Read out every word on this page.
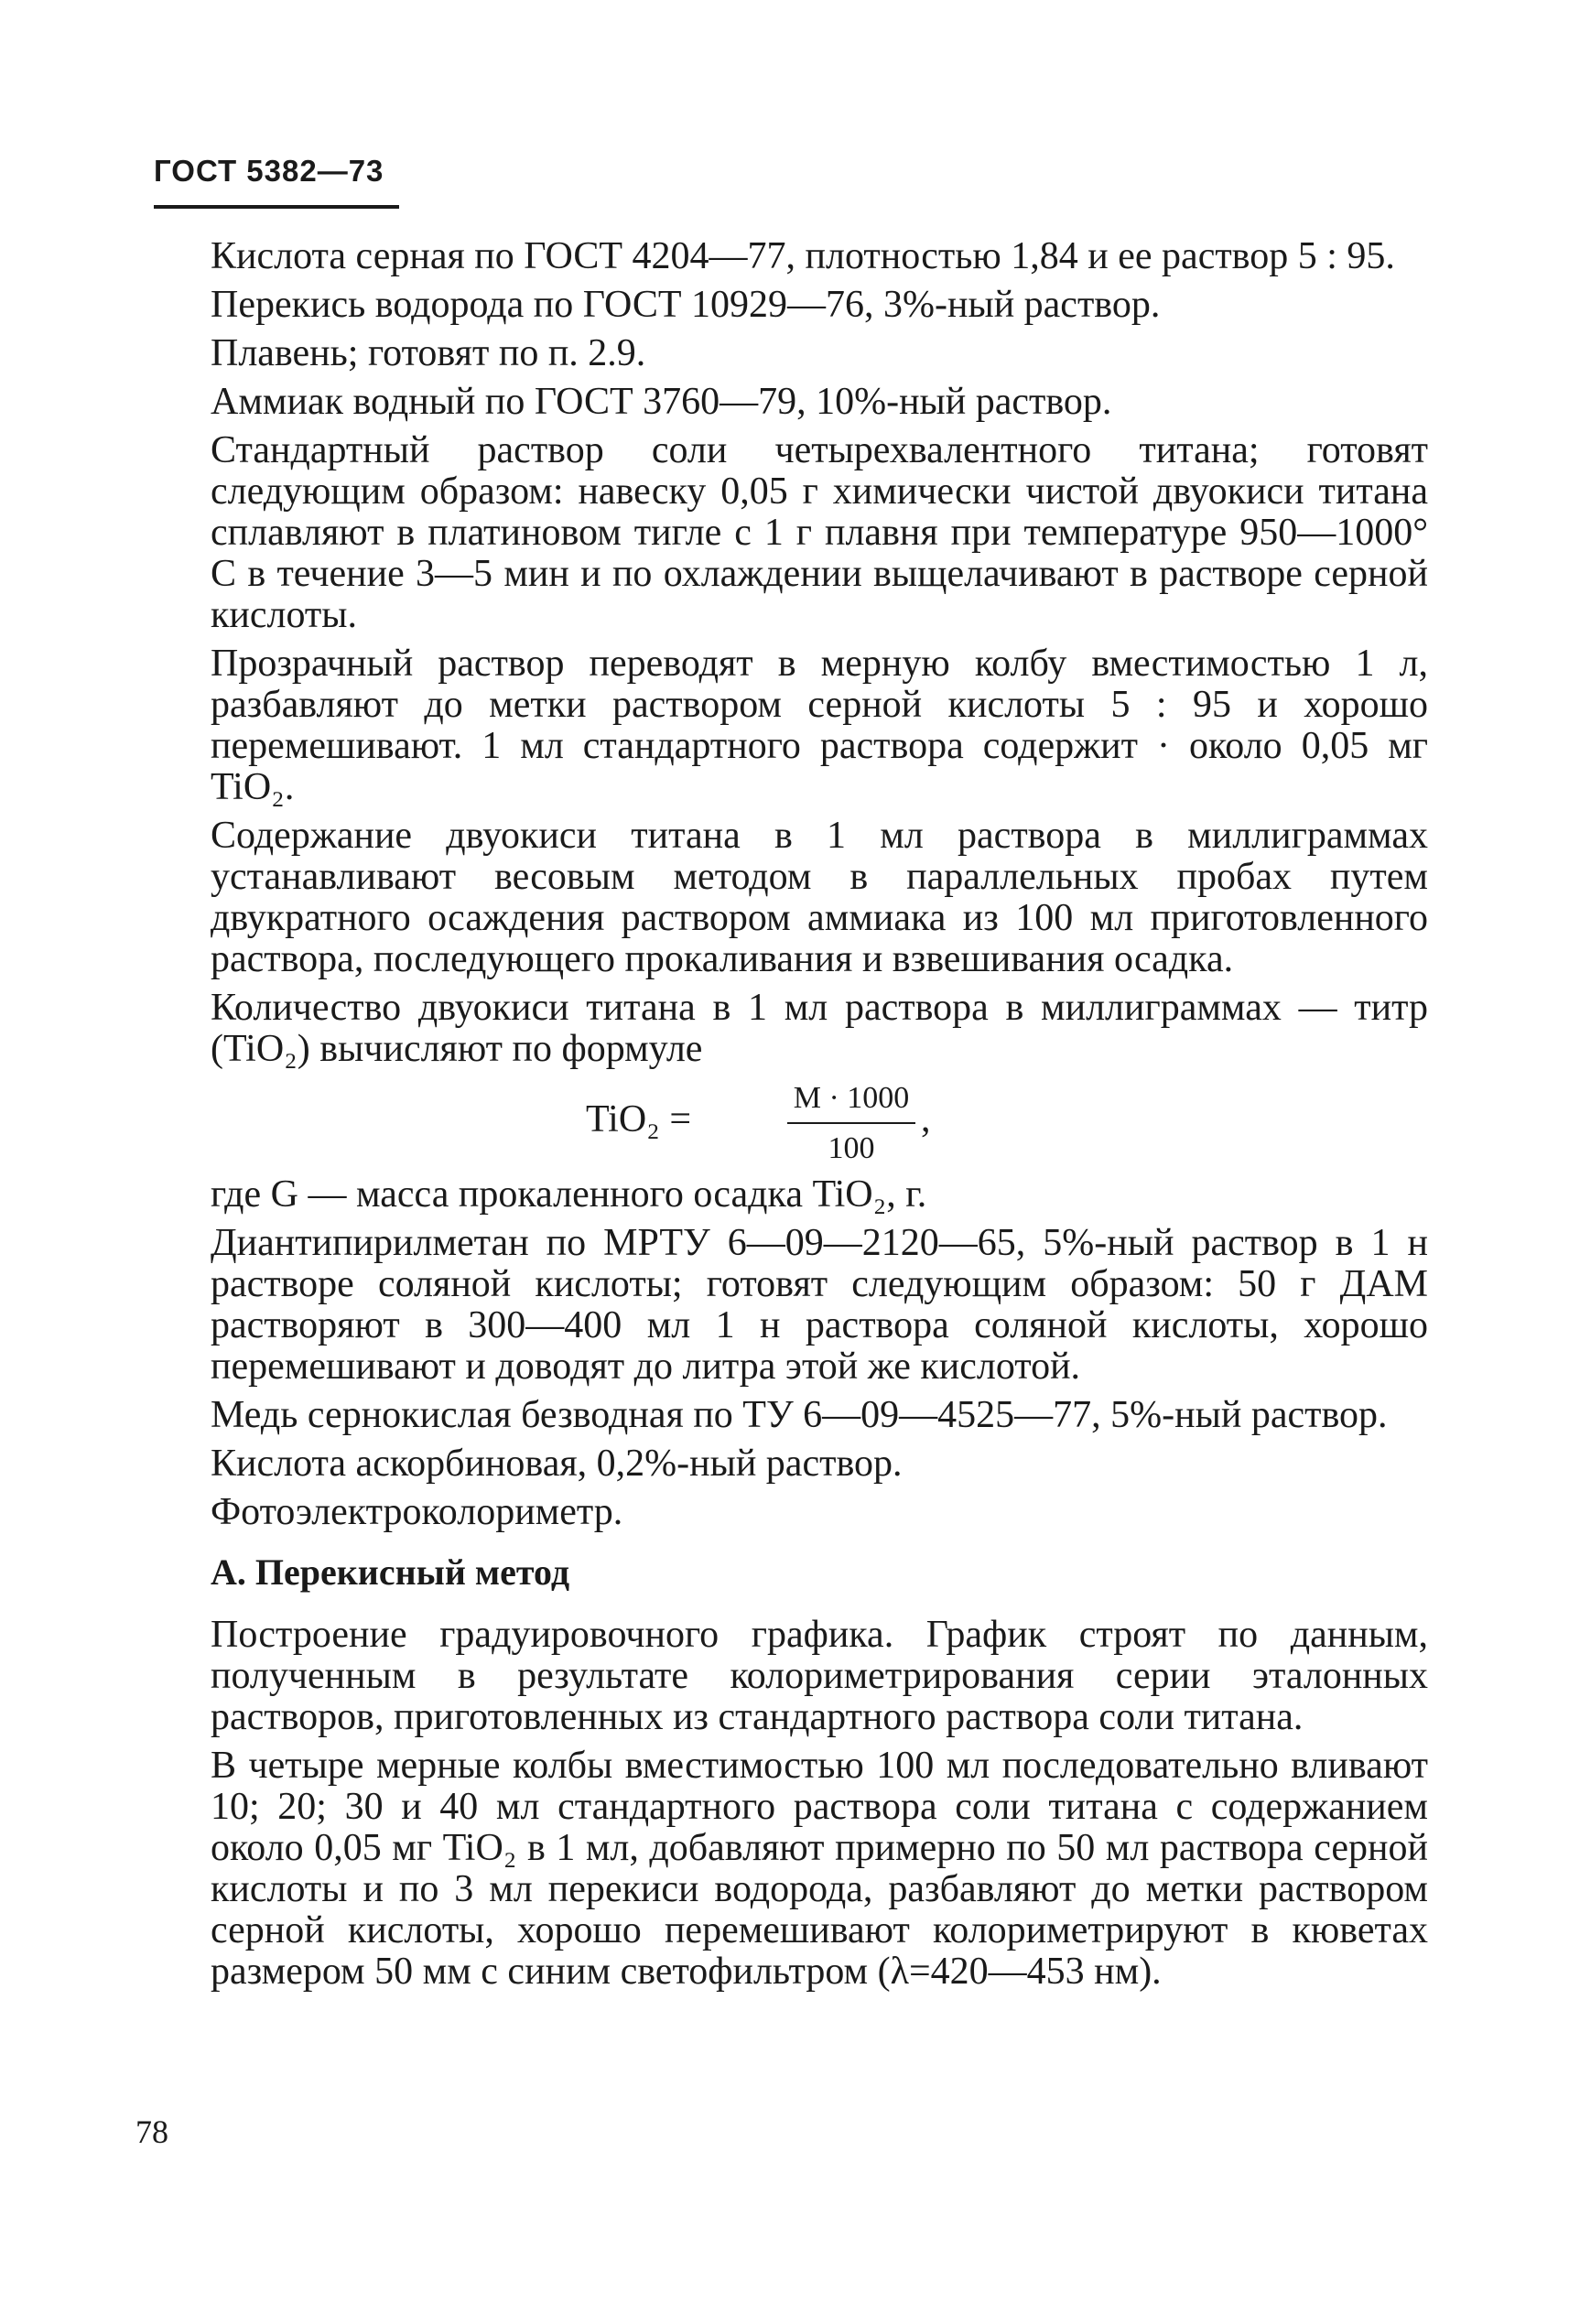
ГОСТ 5382—73

Кислота серная по ГОСТ 4204—77, плотностью 1,84 и ее раствор 5 : 95.

Перекись водорода по ГОСТ 10929—76, 3%-ный раствор.

Плавень; готовят по п. 2.9.

Аммиак водный по ГОСТ 3760—79, 10%-ный раствор.

Стандартный раствор соли четырехвалентного титана; готовят следующим образом: навеску 0,05 г химически чистой двуокиси титана сплавляют в платиновом тигле с 1 г плавня при температуре 950—1000° С в течение 3—5 мин и по охлаждении выщелачивают в растворе серной кислоты.

Прозрачный раствор переводят в мерную колбу вместимостью 1 л, разбавляют до метки раствором серной кислоты 5 : 95 и хорошо перемешивают. 1 мл стандартного раствора содержит · около 0,05 мг TiO₂.

Содержание двуокиси титана в 1 мл раствора в миллиграммах устанавливают весовым методом в параллельных пробах путем двукратного осаждения раствором аммиака из 100 мл приготовленного раствора, последующего прокаливания и взвешивания осадка.

Количество двуокиси титана в 1 мл раствора в миллиграммах — титр (TiO₂) вычисляют по формуле

TiO₂ =	$\frac{M \cdot 1000}{100}$ ,

где G — масса прокаленного осадка TiO₂, г.

Диантипирилметан по МРТУ 6—09—2120—65, 5%-ный раствор в 1 н растворе соляной кислоты; готовят следующим образом: 50 г ДАМ растворяют в 300—400 мл 1 н раствора соляной кислоты, хорошо перемешивают и доводят до литра этой же кислотой.

Медь сернокислая безводная по ТУ 6—09—4525—77, 5%-ный раствор.

Кислота аскорбиновая, 0,2%-ный раствор.

Фотоэлектроколориметр.

А. Перекисный метод

Построение градуировочного графика. График строят по данным, полученным в результате колориметрирования серии эталонных растворов, приготовленных из стандартного раствора соли титана.

В четыре мерные колбы вместимостью 100 мл последовательно вливают 10; 20; 30 и 40 мл стандартного раствора соли титана с содержанием около 0,05 мг TiO₂ в 1 мл, добавляют примерно по 50 мл раствора серной кислоты и по 3 мл перекиси водорода, разбавляют до метки раствором серной кислоты, хорошо перемешивают колориметрируют в кюветах размером 50 мм с синим светофильтром (λ=420—453 нм).

78
